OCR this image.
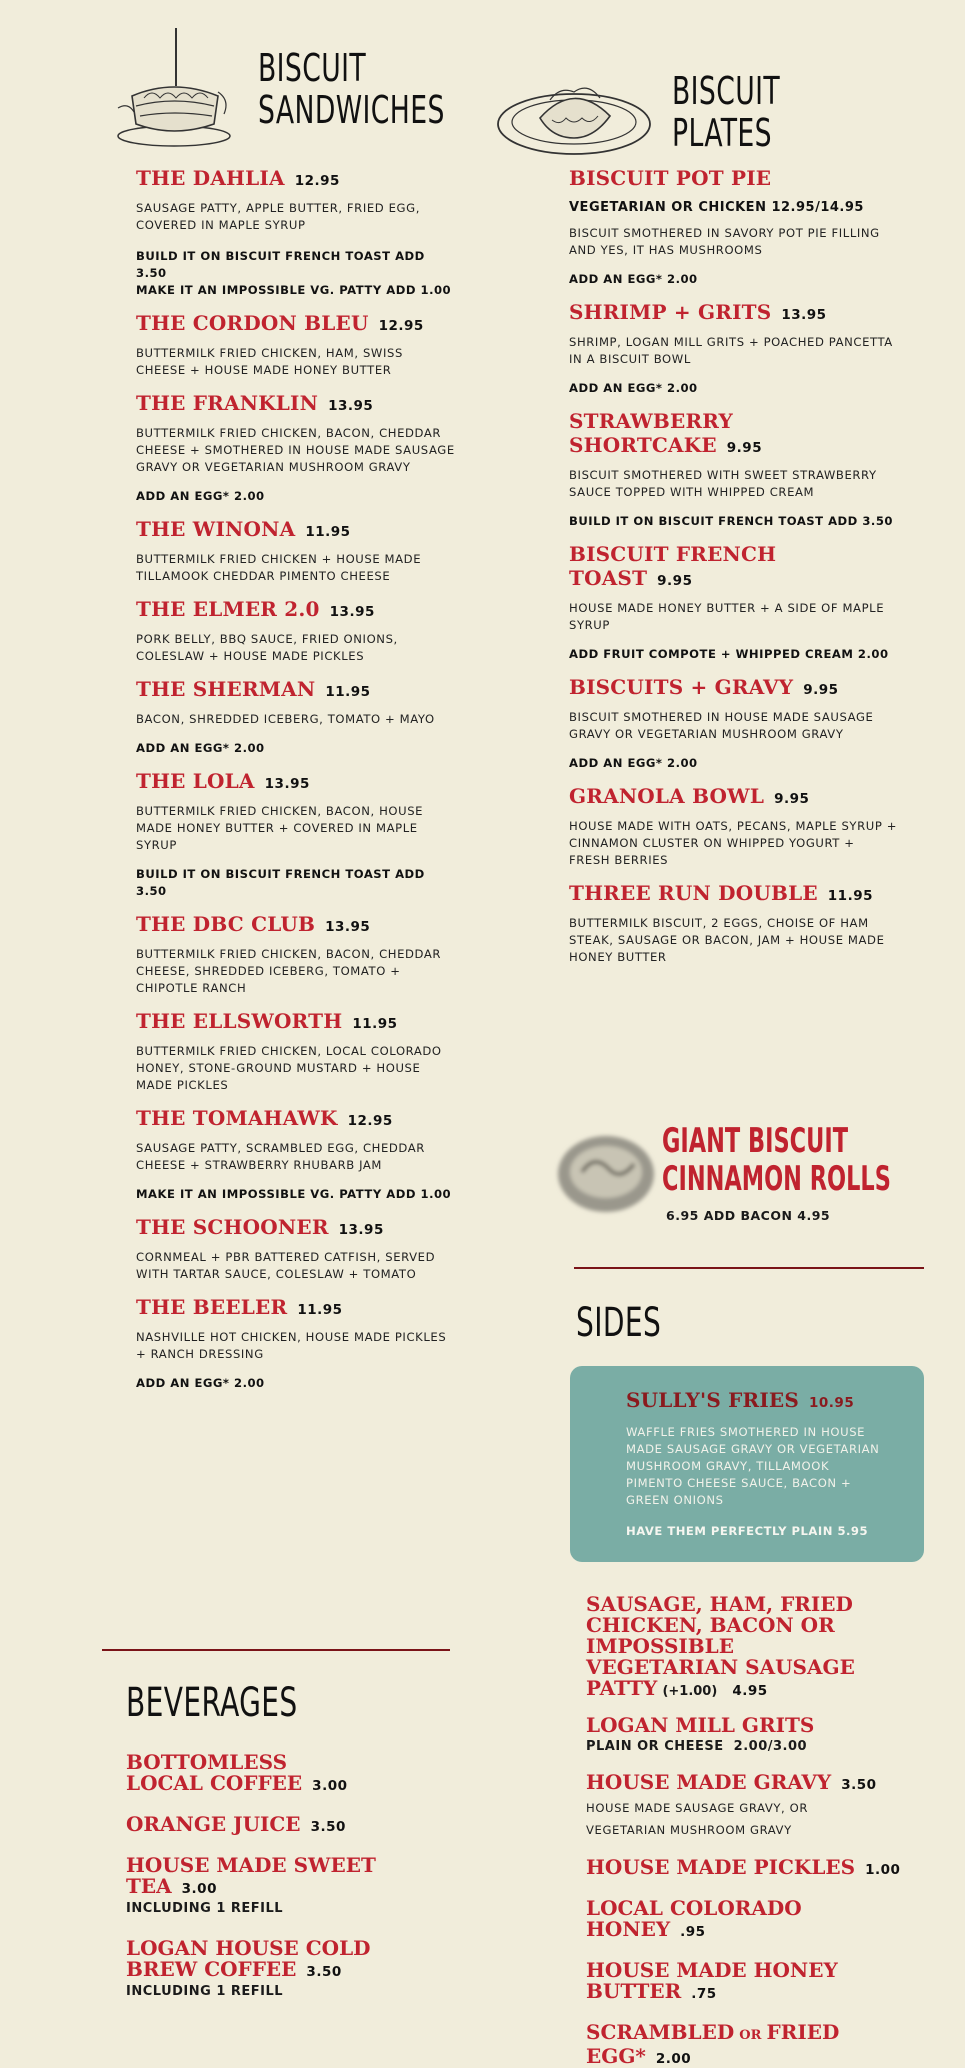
BISCUIT
SANDWICHES	BISCUIT
PLATES
THE DAHLIA 12.95
SAUSAGE PATTY, APPLE BUTTER, FRIED EGG, COVERED IN MAPLE SYRUP
BUILD IT ON BISCUIT FRENCH TOAST ADD 3.50
MAKE IT AN IMPOSSIBLE VG. PATTY ADD 1.00
THE CORDON BLEU 12.95
BUTTERMILK FRIED CHICKEN, HAM, SWISS CHEESE + HOUSE MADE HONEY BUTTER
THE FRANKLIN 13.95
BUTTERMILK FRIED CHICKEN, BACON, CHEDDAR CHEESE + SMOTHERED IN HOUSE MADE SAUSAGE GRAVY OR VEGETARIAN MUSHROOM GRAVY
ADD AN EGG* 2.00
THE WINONA 11.95
BUTTERMILK FRIED CHICKEN + HOUSE MADE TILLAMOOK CHEDDAR PIMENTO CHEESE
THE ELMER 2.0 13.95
PORK BELLY, BBQ SAUCE, FRIED ONIONS, COLESLAW + HOUSE MADE PICKLES
THE SHERMAN 11.95
BACON, SHREDDED ICEBERG, TOMATO + MAYO
ADD AN EGG* 2.00
THE LOLA 13.95
BUTTERMILK FRIED CHICKEN, BACON, HOUSE MADE HONEY BUTTER + COVERED IN MAPLE SYRUP
BUILD IT ON BISCUIT FRENCH TOAST ADD 3.50
THE DBC CLUB 13.95
BUTTERMILK FRIED CHICKEN, BACON, CHEDDAR CHEESE, SHREDDED ICEBERG, TOMATO + CHIPOTLE RANCH
THE ELLSWORTH 11.95
BUTTERMILK FRIED CHICKEN, LOCAL COLORADO HONEY, STONE-GROUND MUSTARD + HOUSE MADE PICKLES
THE TOMAHAWK 12.95
SAUSAGE PATTY, SCRAMBLED EGG, CHEDDAR CHEESE + STRAWBERRY RHUBARB JAM
MAKE IT AN IMPOSSIBLE VG. PATTY ADD 1.00
THE SCHOONER 13.95
CORNMEAL + PBR BATTERED CATFISH, SERVED WITH TARTAR SAUCE, COLESLAW + TOMATO
THE BEELER 11.95
NASHVILLE HOT CHICKEN, HOUSE MADE PICKLES + RANCH DRESSING
ADD AN EGG* 2.00
BISCUIT POT PIE
VEGETARIAN OR CHICKEN 12.95/14.95
BISCUIT SMOTHERED IN SAVORY POT PIE FILLING AND YES, IT HAS MUSHROOMS
ADD AN EGG* 2.00
SHRIMP + GRITS 13.95
SHRIMP, LOGAN MILL GRITS + POACHED PANCETTA IN A BISCUIT BOWL
ADD AN EGG* 2.00
STRAWBERRY SHORTCAKE 9.95
BISCUIT SMOTHERED WITH SWEET STRAWBERRY SAUCE TOPPED WITH WHIPPED CREAM
BUILD IT ON BISCUIT FRENCH TOAST ADD 3.50
BISCUIT FRENCH TOAST 9.95
HOUSE MADE HONEY BUTTER + A SIDE OF MAPLE SYRUP
ADD FRUIT COMPOTE + WHIPPED CREAM 2.00
BISCUITS + GRAVY 9.95
BISCUIT SMOTHERED IN HOUSE MADE SAUSAGE GRAVY OR VEGETARIAN MUSHROOM GRAVY
ADD AN EGG* 2.00
GRANOLA BOWL 9.95
HOUSE MADE WITH OATS, PECANS, MAPLE SYRUP + CINNAMON CLUSTER ON WHIPPED YOGURT + FRESH BERRIES
THREE RUN DOUBLE 11.95
BUTTERMILK BISCUIT, 2 EGGS, CHOISE OF HAM STEAK, SAUSAGE OR BACON, JAM + HOUSE MADE HONEY BUTTER
GIANT BISCUIT
CINNAMON ROLLS
6.95 ADD BACON 4.95
SIDES
SULLY'S FRIES 10.95
WAFFLE FRIES SMOTHERED IN HOUSE MADE SAUSAGE GRAVY OR VEGETARIAN MUSHROOM GRAVY, TILLAMOOK PIMENTO CHEESE SAUCE, BACON + GREEN ONIONS
HAVE THEM PERFECTLY PLAIN 5.95
SAUSAGE, HAM, FRIED CHICKEN, BACON OR IMPOSSIBLE VEGETARIAN SAUSAGE PATTY (+1.00) 4.95
LOGAN MILL GRITS
PLAIN OR CHEESE  2.00/3.00
HOUSE MADE GRAVY 3.50
HOUSE MADE SAUSAGE GRAVY, OR VEGETARIAN MUSHROOM GRAVY
HOUSE MADE PICKLES 1.00
LOCAL COLORADO HONEY .95
HOUSE MADE HONEY BUTTER .75
SCRAMBLED OR FRIED EGG* 2.00
BEVERAGES
BOTTOMLESS LOCAL COFFEE 3.00
ORANGE JUICE 3.50
HOUSE MADE SWEET TEA 3.00
INCLUDING 1 REFILL
LOGAN HOUSE COLD BREW COFFEE 3.50
INCLUDING 1 REFILL
